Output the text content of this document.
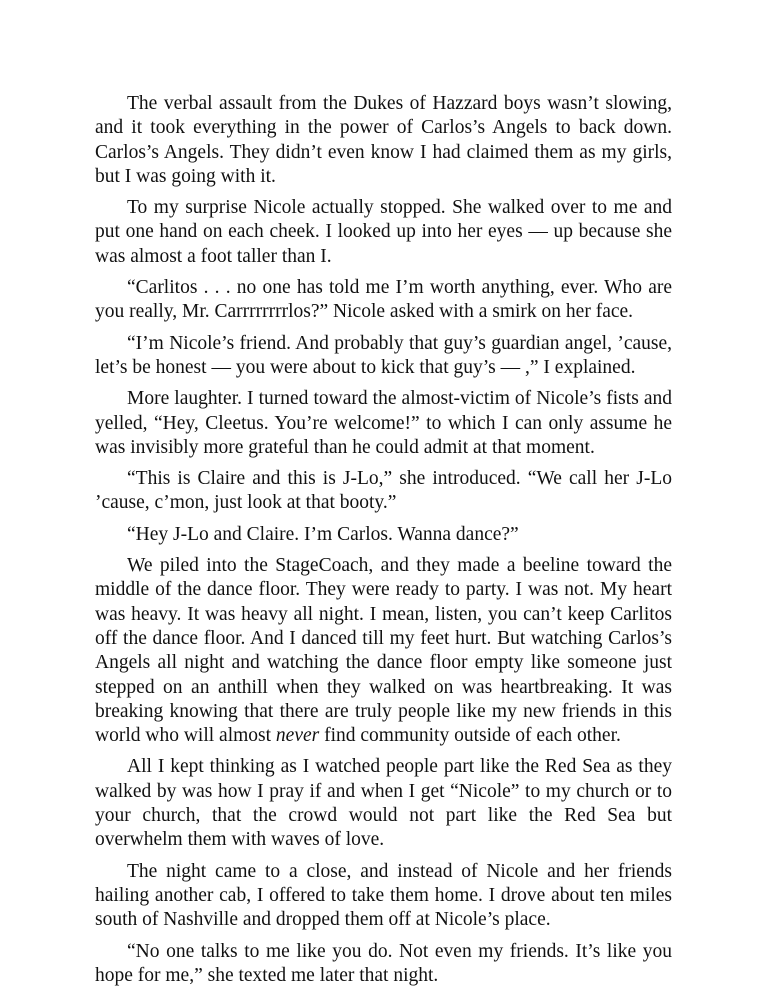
The verbal assault from the Dukes of Hazzard boys wasn’t slowing, and it took everything in the power of Carlos’s Angels to back down. Carlos’s Angels. They didn’t even know I had claimed them as my girls, but I was going with it.

To my surprise Nicole actually stopped. She walked over to me and put one hand on each cheek. I looked up into her eyes — up because she was almost a foot taller than I.

“Carlitos . . . no one has told me I’m worth anything, ever. Who are you really, Mr. Carrrrrrrrlos?” Nicole asked with a smirk on her face.

“I’m Nicole’s friend. And probably that guy’s guardian angel, ’cause, let’s be honest — you were about to kick that guy’s — ,” I explained.

More laughter. I turned toward the almost-victim of Nicole’s fists and yelled, “Hey, Cleetus. You’re welcome!” to which I can only assume he was invisibly more grateful than he could admit at that moment.

“This is Claire and this is J-Lo,” she introduced. “We call her J-Lo ’cause, c’mon, just look at that booty.”

“Hey J-Lo and Claire. I’m Carlos. Wanna dance?”

We piled into the StageCoach, and they made a beeline toward the middle of the dance floor. They were ready to party. I was not. My heart was heavy. It was heavy all night. I mean, listen, you can’t keep Carlitos off the dance floor. And I danced till my feet hurt. But watching Carlos’s Angels all night and watching the dance floor empty like someone just stepped on an anthill when they walked on was heartbreaking. It was breaking knowing that there are truly people like my new friends in this world who will almost never find community outside of each other.

All I kept thinking as I watched people part like the Red Sea as they walked by was how I pray if and when I get “Nicole” to my church or to your church, that the crowd would not part like the Red Sea but overwhelm them with waves of love.

The night came to a close, and instead of Nicole and her friends hailing another cab, I offered to take them home. I drove about ten miles south of Nashville and dropped them off at Nicole’s place.

“No one talks to me like you do. Not even my friends. It’s like you hope for me,” she texted me later that night.
